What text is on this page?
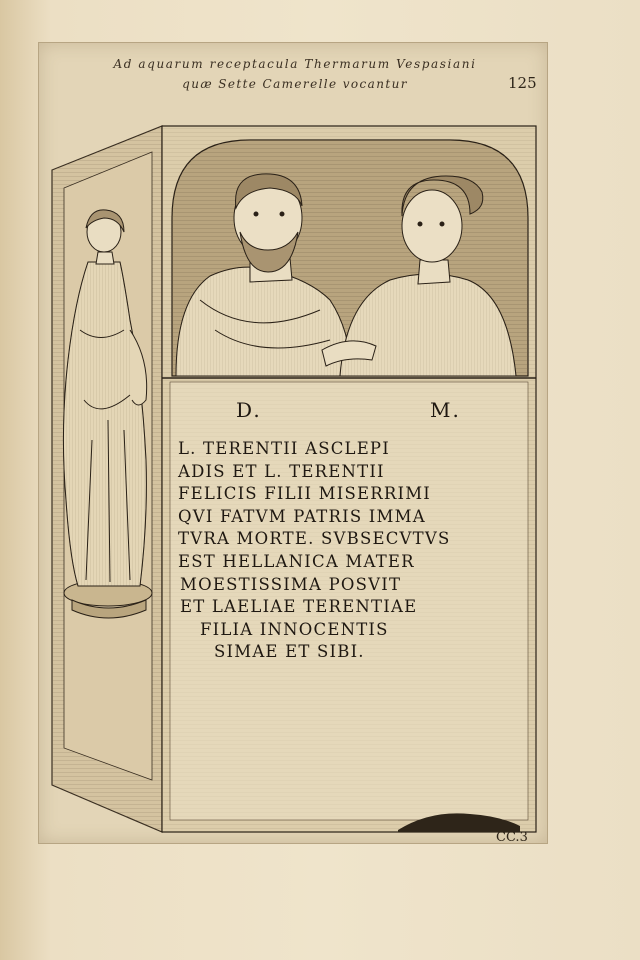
Ad aquarum receptacula Thermarum Vespasiani
quæ Sette Camerelle vocantur	125
D.	M.
L. TERENTII ASCLEPI
ADIS ET L. TERENTII
FELICIS FILII MISERRIMI
QVI FATVM PATRIS IMMA
TVRA MORTE. SVBSECVTVS
EST HELLANICA MATER
MOESTISSIMA POSVIT
ET LAELIAE TERENTIAE
FILIA INNOCENTIS
SIMAE ET SIBI.
CC.3
